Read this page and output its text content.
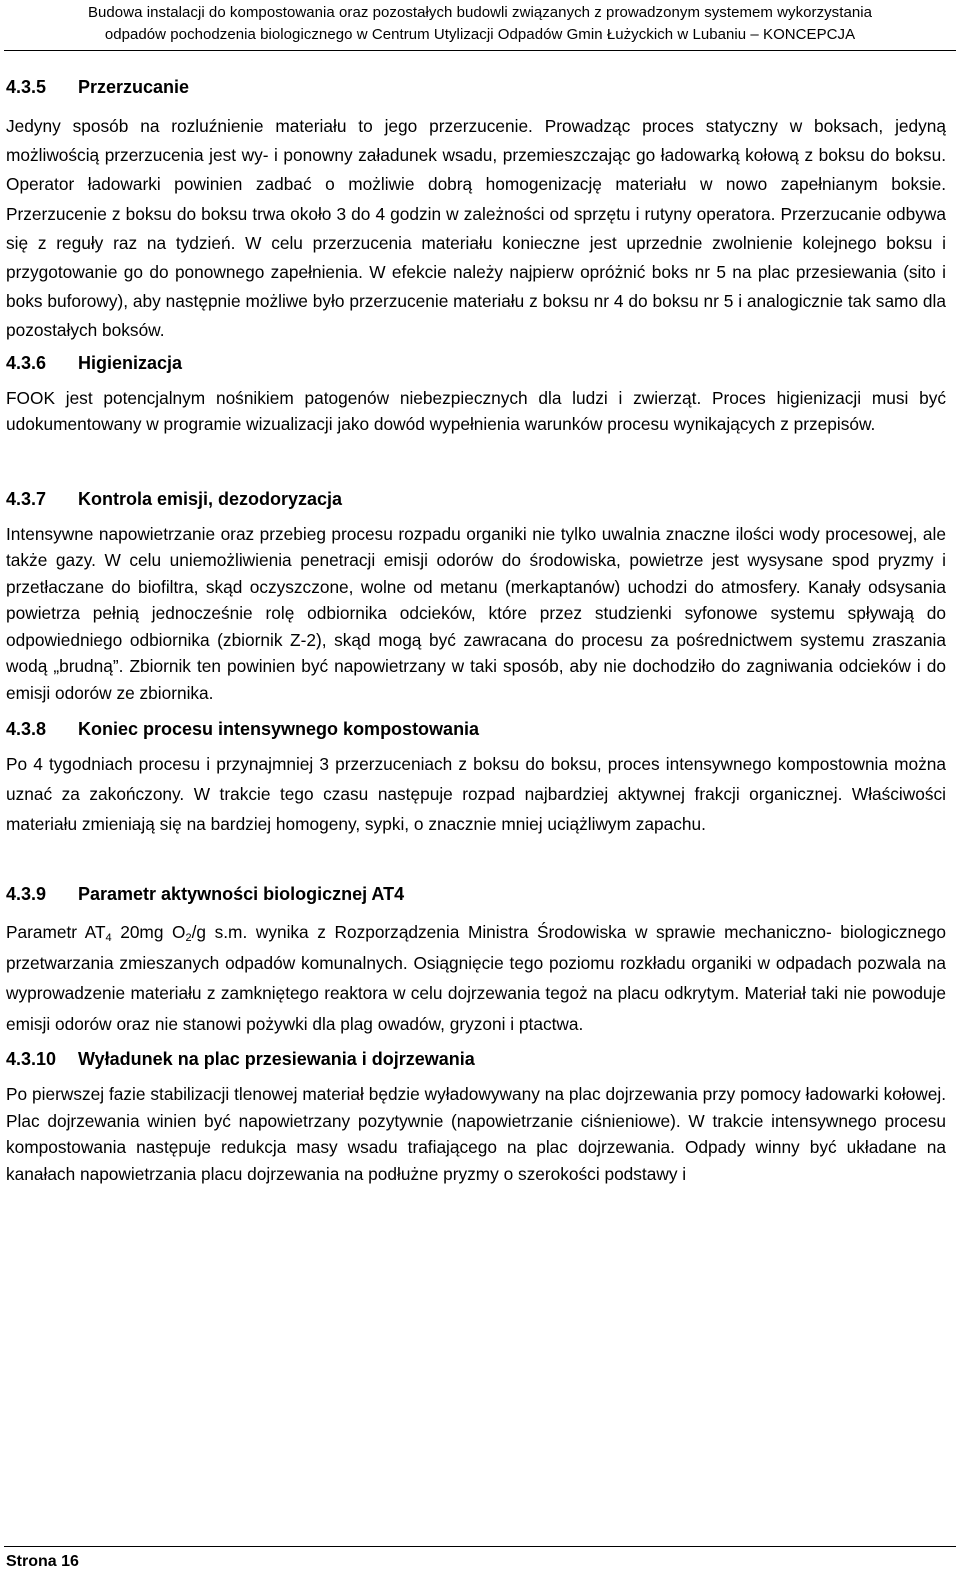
Budowa instalacji do kompostowania oraz pozostałych budowli związanych z prowadzonym systemem wykorzystania
odpadów pochodzenia biologicznego w Centrum Utylizacji Odpadów Gmin Łużyckich w Lubaniu – KONCEPCJA
4.3.5	Przerzucanie

Jedyny sposób na rozluźnienie materiału to jego przerzucenie. Prowadząc proces statyczny w boksach, jedyną możliwością przerzucenia jest wy- i ponowny załadunek wsadu, przemieszczając go ładowarką kołową z boksu do boksu. Operator ładowarki powinien zadbać o możliwie dobrą homogenizację materiału w nowo zapełnianym boksie. Przerzucenie z boksu do boksu trwa około 3 do 4 godzin w zależności od sprzętu i rutyny operatora. Przerzucanie odbywa się z reguły raz na tydzień. W celu przerzucenia materiału konieczne jest uprzednie zwolnienie kolejnego boksu i przygotowanie go do ponownego zapełnienia. W efekcie należy najpierw opróżnić boks nr 5 na plac przesiewania (sito i boks buforowy), aby następnie możliwe było przerzucenie materiału z boksu nr 4 do boksu nr 5 i analogicznie tak samo dla pozostałych boksów.

4.3.6	Higienizacja

FOOK jest potencjalnym nośnikiem patogenów niebezpiecznych dla ludzi i zwierząt. Proces higienizacji musi być udokumentowany w programie wizualizacji jako dowód wypełnienia warunków procesu wynikających z przepisów.

4.3.7	Kontrola emisji, dezodoryzacja

Intensywne napowietrzanie oraz przebieg procesu rozpadu organiki nie tylko uwalnia znaczne ilości wody procesowej, ale także gazy. W celu uniemożliwienia penetracji emisji odorów do środowiska, powietrze jest wysysane spod pryzmy i przetłaczane do biofiltra, skąd oczyszczone, wolne od metanu (merkaptanów) uchodzi do atmosfery. Kanały odsysania powietrza pełnią jednocześnie rolę odbiornika odcieków, które przez studzienki syfonowe systemu spływają do odpowiedniego odbiornika (zbiornik Z-2), skąd mogą być zawracana do procesu za pośrednictwem systemu zraszania wodą „brudną”. Zbiornik ten powinien być napowietrzany w taki sposób, aby nie dochodziło do zagniwania odcieków i do emisji odorów ze zbiornika.

4.3.8	Koniec procesu intensywnego kompostowania

Po 4 tygodniach procesu i przynajmniej 3 przerzuceniach z boksu do boksu, proces intensywnego kompostownia można uznać za zakończony. W trakcie tego czasu następuje rozpad najbardziej aktywnej frakcji organicznej. Właściwości materiału zmieniają się na bardziej homogeny, sypki, o znacznie mniej uciążliwym zapachu.

4.3.9	Parametr aktywności biologicznej AT4

Parametr $AT_4$ 20mg $O_2/g$ s.m. wynika z Rozporządzenia Ministra Środowiska w sprawie mechaniczno- biologicznego przetwarzania zmieszanych odpadów komunalnych. Osiągnięcie tego poziomu rozkładu organiki w odpadach pozwala na wyprowadzenie materiału z zamkniętego reaktora w celu dojrzewania tegoż na placu odkrytym. Materiał taki nie powoduje emisji odorów oraz nie stanowi pożywki dla plag owadów, gryzoni i ptactwa.

4.3.10	Wyładunek na plac przesiewania i dojrzewania

Po pierwszej fazie stabilizacji tlenowej materiał będzie wyładowywany na plac dojrzewania przy pomocy ładowarki kołowej. Plac dojrzewania winien być napowietrzany pozytywnie (napowietrzanie ciśnieniowe). W trakcie intensywnego procesu kompostowania następuje redukcja masy wsadu trafiającego na plac dojrzewania. Odpady winny być układane na kanałach napowietrzania placu dojrzewania na podłużne pryzmy o szerokości podstawy i

Strona 16
